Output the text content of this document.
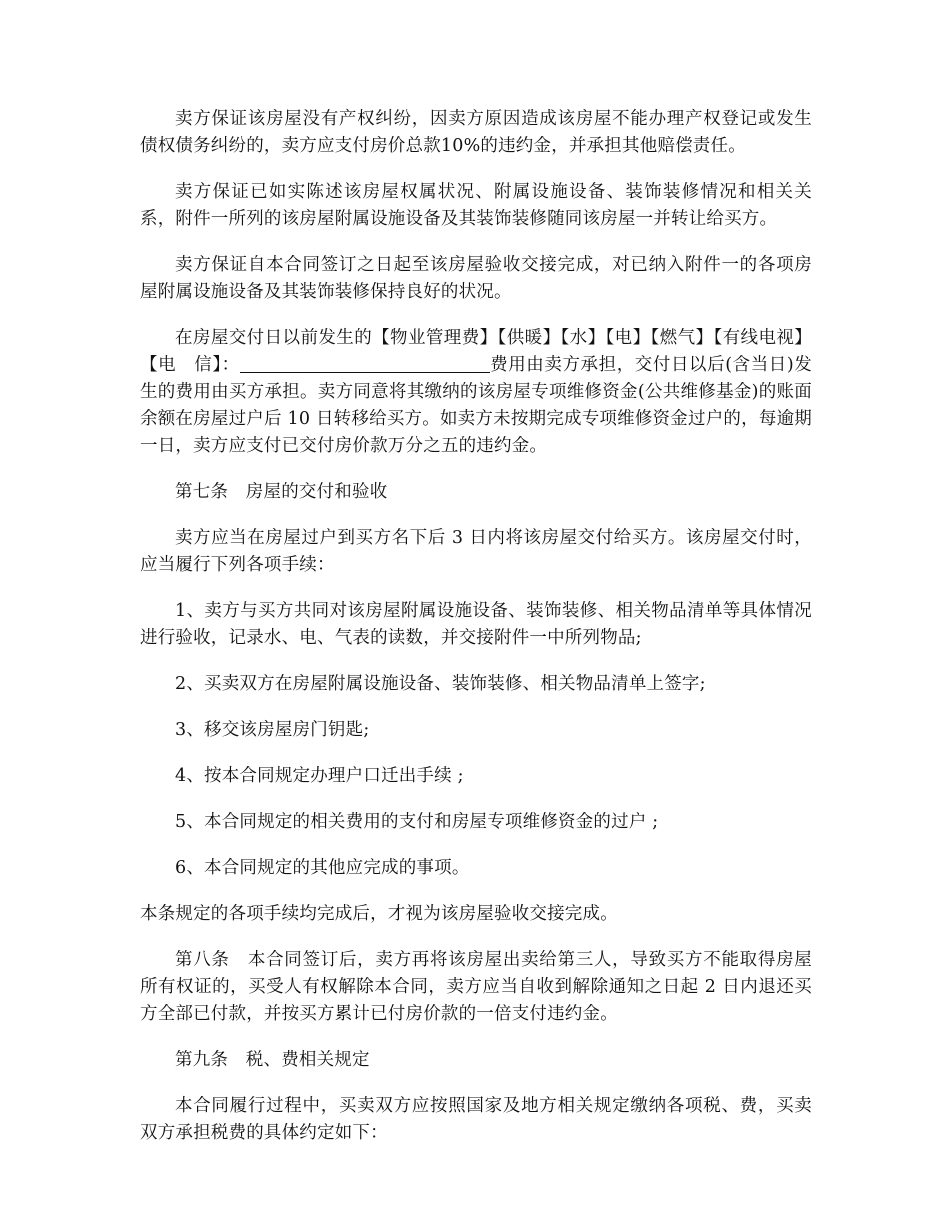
卖方保证该房屋没有产权纠纷，因卖方原因造成该房屋不能办理产权登记或发生债权债务纠纷的，卖方应支付房价总款10%的违约金，并承担其他赔偿责任。

卖方保证已如实陈述该房屋权属状况、附属设施设备、装饰装修情况和相关关系，附件一所列的该房屋附属设施设备及其装饰装修随同该房屋一并转让给买方。

卖方保证自本合同签订之日起至该房屋验收交接完成，对已纳入附件一的各项房屋附属设施设备及其装饰装修保持良好的状况。

在房屋交付日以前发生的【物业管理费】【供暖】【水】【电】【燃气】【有线电视】【电　信】：	费用由卖方承担，交付日以后(含当日)发生的费用由买方承担。卖方同意将其缴纳的该房屋专项维修资金(公共维修基金)的账面余额在房屋过户后 10 日转移给买方。如卖方未按期完成专项维修资金过户的，每逾期一日，卖方应支付已交付房价款万分之五的违约金。

第七条　房屋的交付和验收

卖方应当在房屋过户到买方名下后 3 日内将该房屋交付给买方。该房屋交付时，应当履行下列各项手续：

1、卖方与买方共同对该房屋附属设施设备、装饰装修、相关物品清单等具体情况进行验收，记录水、电、气表的读数，并交接附件一中所列物品;

2、买卖双方在房屋附属设施设备、装饰装修、相关物品清单上签字;

3、移交该房屋房门钥匙;

4、按本合同规定办理户口迁出手续 ;

5、本合同规定的相关费用的支付和房屋专项维修资金的过户 ;

6、本合同规定的其他应完成的事项。

本条规定的各项手续均完成后，才视为该房屋验收交接完成。

第八条　本合同签订后，卖方再将该房屋出卖给第三人，导致买方不能取得房屋所有权证的，买受人有权解除本合同，卖方应当自收到解除通知之日起 2 日内退还买方全部已付款，并按买方累计已付房价款的一倍支付违约金。

第九条　税、费相关规定

本合同履行过程中，买卖双方应按照国家及地方相关规定缴纳各项税、费，买卖双方承担税费的具体约定如下：
